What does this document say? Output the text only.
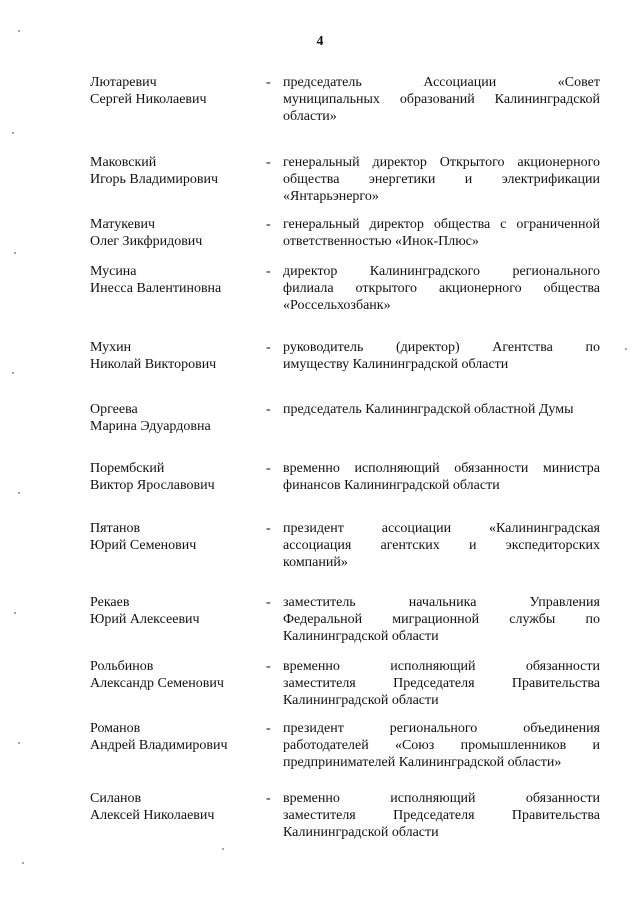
4
Лютаревич
Сергей Николаевич
- председатель Ассоциации «Совет
муниципальных образований Калининградской
области»
Маковский
Игорь Владимирович
- генеральный директор Открытого акционерного
общества энергетики и электрификации
«Янтарьэнерго»
Матукевич
Олег Зикфридович
- генеральный директор общества с ограниченной
ответственностью «Инок-Плюс»
Мусина
Инесса Валентиновна
- директор Калининградского регионального
филиала открытого акционерного общества
«Россельхозбанк»
Мухин
Николай Викторович
- руководитель (директор) Агентства по
имуществу Калининградской области
Оргеева
Марина Эдуардовна
- председатель Калининградской областной Думы
Порембский
Виктор Ярославович
- временно исполняющий обязанности министра
финансов Калининградской области
Пятанов
Юрий Семенович
- президент ассоциации «Калининградская
ассоциация агентских и экспедиторских
компаний»
Рекаев
Юрий Алексеевич
- заместитель начальника Управления
Федеральной миграционной службы по
Калининградской области
Рольбинов
Александр Семенович
- временно исполняющий обязанности
заместителя Председателя Правительства
Калининградской области
Романов
Андрей Владимирович
- президент регионального объединения
работодателей «Союз промышленников и
предпринимателей Калининградской области»
Силанов
Алексей Николаевич
- временно исполняющий обязанности
заместителя Председателя Правительства
Калининградской области
